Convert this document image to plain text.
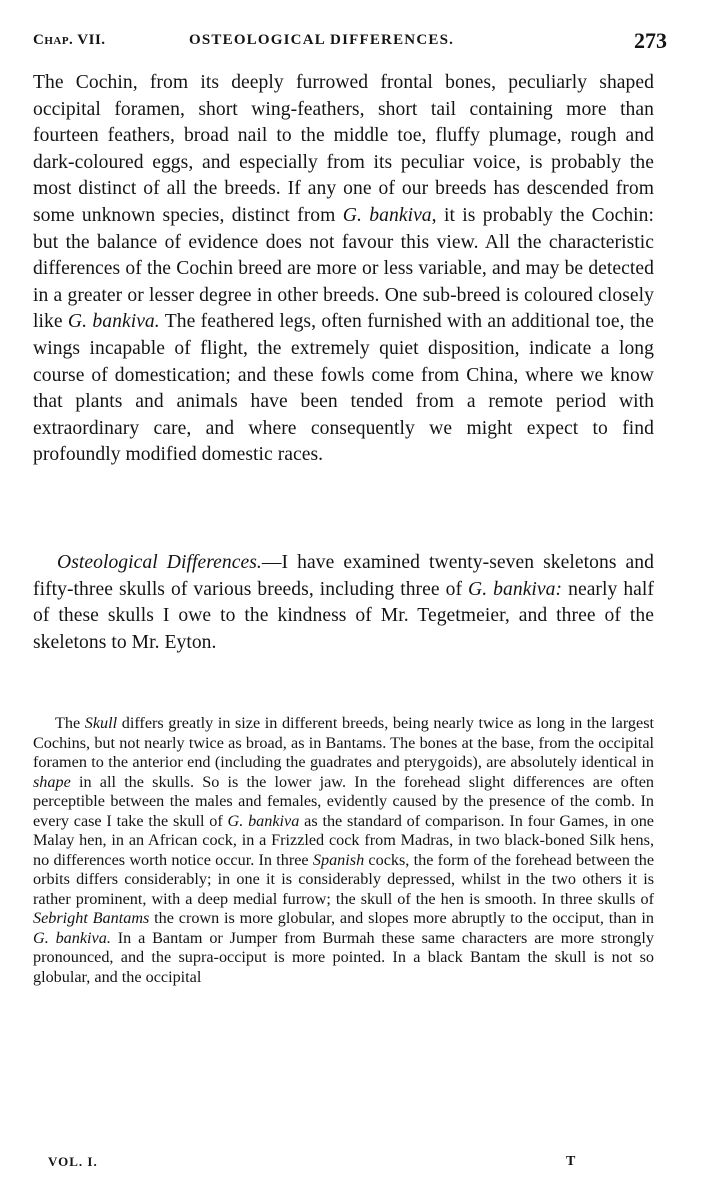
Chap. VII.	OSTEOLOGICAL DIFFERENCES.	273

The Cochin, from its deeply furrowed frontal bones, peculiarly shaped occipital foramen, short wing-feathers, short tail containing more than fourteen feathers, broad nail to the middle toe, fluffy plumage, rough and dark-coloured eggs, and especially from its peculiar voice, is probably the most distinct of all the breeds. If any one of our breeds has descended from some unknown species, distinct from G. bankiva, it is probably the Cochin: but the balance of evidence does not favour this view. All the characteristic differences of the Cochin breed are more or less variable, and may be detected in a greater or lesser degree in other breeds. One sub-breed is coloured closely like G. bankiva. The feathered legs, often furnished with an additional toe, the wings incapable of flight, the extremely quiet disposition, indicate a long course of domestication; and these fowls come from China, where we know that plants and animals have been tended from a remote period with extraordinary care, and where consequently we might expect to find profoundly modified domestic races.

Osteological Differences.—I have examined twenty-seven skeletons and fifty-three skulls of various breeds, including three of G. bankiva: nearly half of these skulls I owe to the kindness of Mr. Tegetmeier, and three of the skeletons to Mr. Eyton.

The Skull differs greatly in size in different breeds, being nearly twice as long in the largest Cochins, but not nearly twice as broad, as in Bantams. The bones at the base, from the occipital foramen to the anterior end (including the guadrates and pterygoids), are absolutely identical in shape in all the skulls. So is the lower jaw. In the forehead slight differences are often perceptible between the males and females, evidently caused by the presence of the comb. In every case I take the skull of G. bankiva as the standard of comparison. In four Games, in one Malay hen, in an African cock, in a Frizzled cock from Madras, in two black-boned Silk hens, no differences worth notice occur. In three Spanish cocks, the form of the forehead between the orbits differs considerably; in one it is considerably depressed, whilst in the two others it is rather prominent, with a deep medial furrow; the skull of the hen is smooth. In three skulls of Sebright Bantams the crown is more globular, and slopes more abruptly to the occiput, than in G. bankiva. In a Bantam or Jumper from Burmah these same characters are more strongly pronounced, and the supra-occiput is more pointed. In a black Bantam the skull is not so globular, and the occipital

VOL. I.	T
